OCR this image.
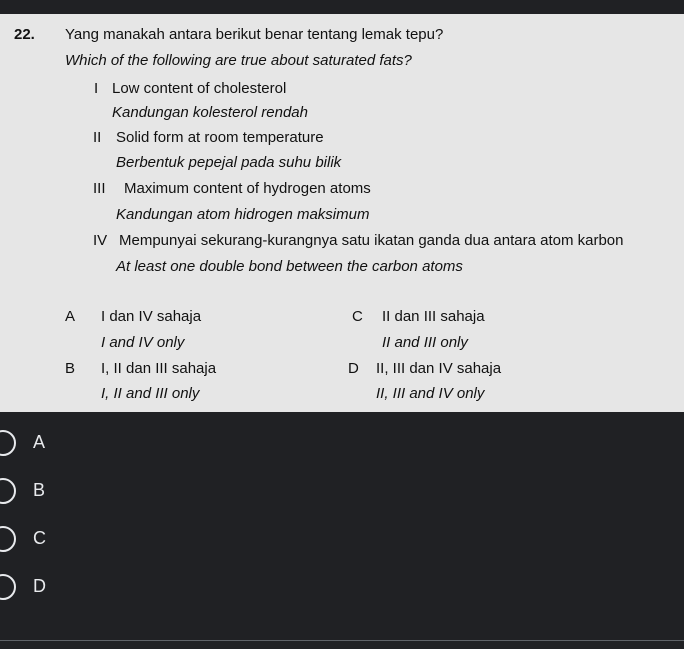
22. Yang manakah antara berikut benar tentang lemak tepu?
Which of the following are true about saturated fats?
I Low content of cholesterol
Kandungan kolesterol rendah
II Solid form at room temperature
Berbentuk pepejal pada suhu bilik
III Maximum content of hydrogen atoms
Kandungan atom hidrogen maksimum
IV Mempunyai sekurang-kurangnya satu ikatan ganda dua antara atom karbon
At least one double bond between the carbon atoms
A I dan IV sahaja
I and IV only
B I, II dan III sahaja
I, II and III only
C II dan III sahaja
II and III only
D II, III dan IV sahaja
II, III and IV only
A
B
C
D
